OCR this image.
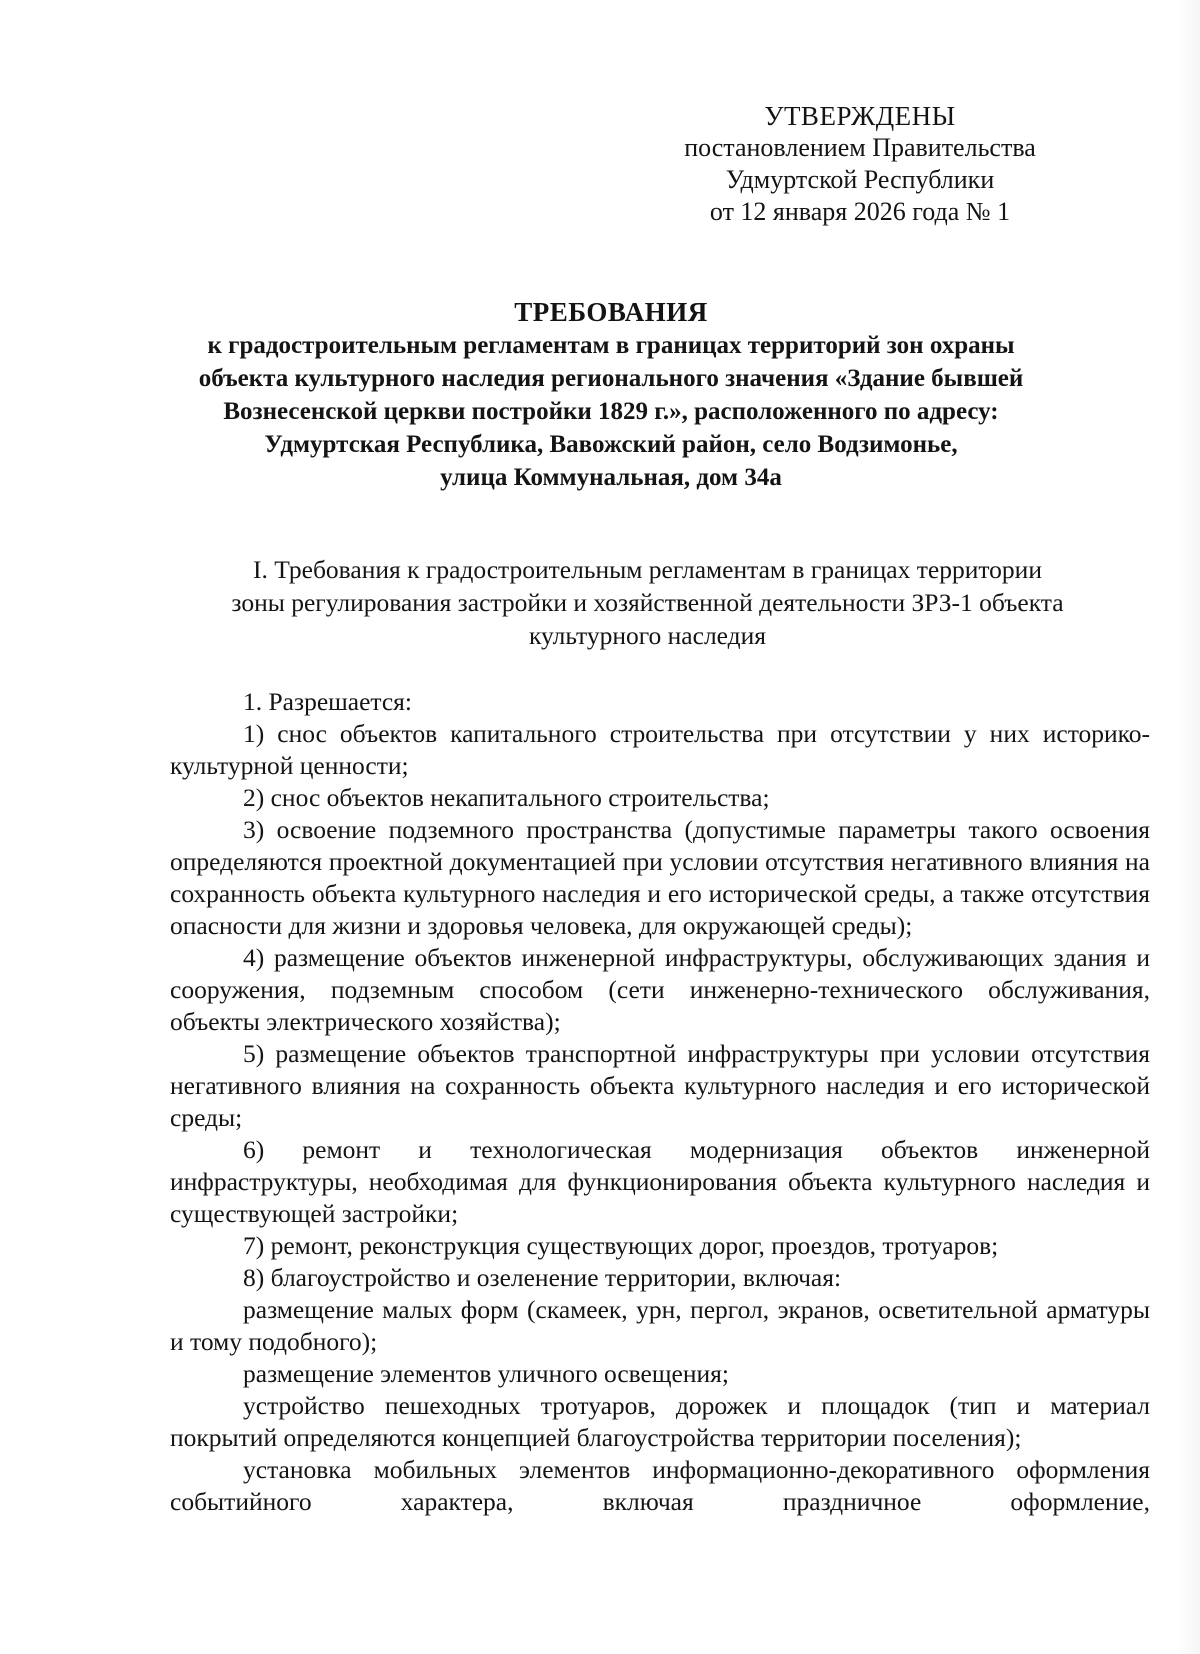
УТВЕРЖДЕНЫ
постановлением Правительства
Удмуртской Республики
от 12 января 2026 года № 1
ТРЕБОВАНИЯ
к градостроительным регламентам в границах территорий зон охраны
объекта культурного наследия регионального значения «Здание бывшей
Вознесенской церкви постройки 1829 г.», расположенного по адресу:
Удмуртская Республика, Вавожский район, село Водзимонье,
улица Коммунальная, дом 34а
I. Требования к градостроительным регламентам в границах территории
зоны регулирования застройки и хозяйственной деятельности ЗРЗ-1 объекта
культурного наследия

1. Разрешается:

1) снос объектов капитального строительства при отсутствии у них историко-культурной ценности;

2) снос объектов некапитального строительства;

3) освоение подземного пространства (допустимые параметры такого освоения определяются проектной документацией при условии отсутствия негативного влияния на сохранность объекта культурного наследия и его исторической среды, а также отсутствия опасности для жизни и здоровья человека, для окружающей среды);

4) размещение объектов инженерной инфраструктуры, обслуживающих здания и сооружения, подземным способом (сети инженерно-технического обслуживания, объекты электрического хозяйства);

5) размещение объектов транспортной инфраструктуры при условии отсутствия негативного влияния на сохранность объекта культурного наследия и его исторической среды;

6) ремонт и технологическая модернизация объектов инженерной инфраструктуры, необходимая для функционирования объекта культурного наследия и существующей застройки;

7) ремонт, реконструкция существующих дорог, проездов, тротуаров;

8) благоустройство и озеленение территории, включая:

размещение малых форм (скамеек, урн, пергол, экранов, осветительной арматуры и тому подобного);

размещение элементов уличного освещения;

устройство пешеходных тротуаров, дорожек и площадок (тип и материал покрытий определяются концепцией благоустройства территории поселения);

установка мобильных элементов информационно-декоративного оформления событийного характера, включая праздничное оформление,
